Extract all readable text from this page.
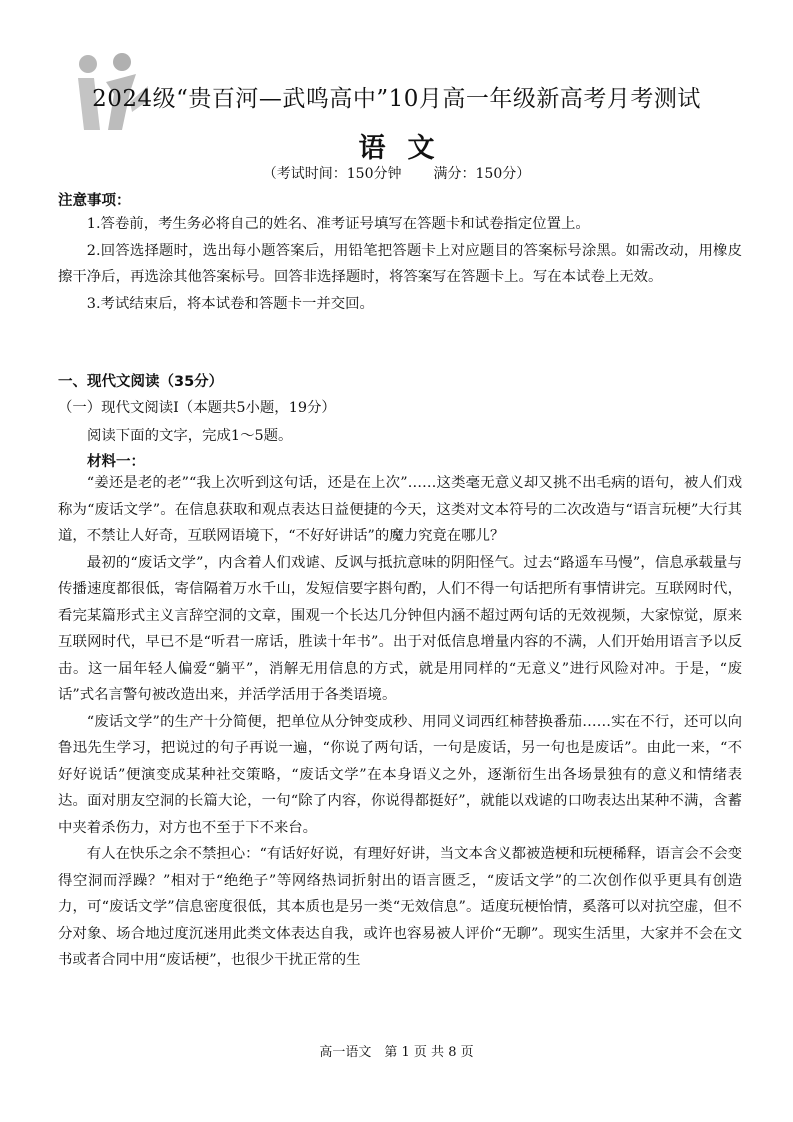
2024级“贵百河—武鸣高中”10月高一年级新高考月考测试
语文
（考试时间：150分钟 满分：150分）
注意事项：

1.答卷前，考生务必将自己的姓名、准考证号填写在答题卡和试卷指定位置上。

2.回答选择题时，选出每小题答案后，用铅笔把答题卡上对应题目的答案标号涂黑。如需改动，用橡皮擦干净后，再选涂其他答案标号。回答非选择题时，将答案写在答题卡上。写在本试卷上无效。

3.考试结束后，将本试卷和答题卡一并交回。

一、现代文阅读（35分）
（一）现代文阅读Ⅰ（本题共5小题，19分）
阅读下面的文字，完成1～5题。
材料一：

“姜还是老的老”“我上次听到这句话，还是在上次”……这类毫无意义却又挑不出毛病的语句，被人们戏称为“废话文学”。在信息获取和观点表达日益便捷的今天，这类对文本符号的二次改造与“语言玩梗”大行其道，不禁让人好奇，互联网语境下，“不好好讲话”的魔力究竟在哪儿？

最初的“废话文学”，内含着人们戏谑、反讽与抵抗意味的阴阳怪气。过去“路遥车马慢”，信息承载量与传播速度都很低，寄信隔着万水千山，发短信要字斟句酌，人们不得一句话把所有事情讲完。互联网时代，看完某篇形式主义言辞空洞的文章，围观一个长达几分钟但内涵不超过两句话的无效视频，大家惊觉，原来互联网时代，早已不是“听君一席话，胜读十年书”。出于对低信息增量内容的不满，人们开始用语言予以反击。这一届年轻人偏爱“躺平”，消解无用信息的方式，就是用同样的“无意义”进行风险对冲。于是，“废话”式名言警句被改造出来，并活学活用于各类语境。

“废话文学”的生产十分简便，把单位从分钟变成秒、用同义词西红柿替换番茄……实在不行，还可以向鲁迅先生学习，把说过的句子再说一遍，“你说了两句话，一句是废话，另一句也是废话”。由此一来，“不好好说话”便演变成某种社交策略，“废话文学”在本身语义之外，逐渐衍生出各场景独有的意义和情绪表达。面对朋友空洞的长篇大论，一句“除了内容，你说得都挺好”，就能以戏谑的口吻表达出某种不满，含蓄中夹着杀伤力，对方也不至于下不来台。

有人在快乐之余不禁担心：“有话好好说，有理好好讲，当文本含义都被造梗和玩梗稀释，语言会不会变得空洞而浮躁？”相对于“绝绝子”等网络热词折射出的语言匮乏，“废话文学”的二次创作似乎更具有创造力，可“废话文学”信息密度很低，其本质也是另一类“无效信息”。适度玩梗怡情，奚落可以对抗空虚，但不分对象、场合地过度沉迷用此类文体表达自我，或许也容易被人评价“无聊”。现实生活里，大家并不会在文书或者合同中用“废话梗”，也很少干扰正常的生

高一语文　第 1 页 共 8 页
